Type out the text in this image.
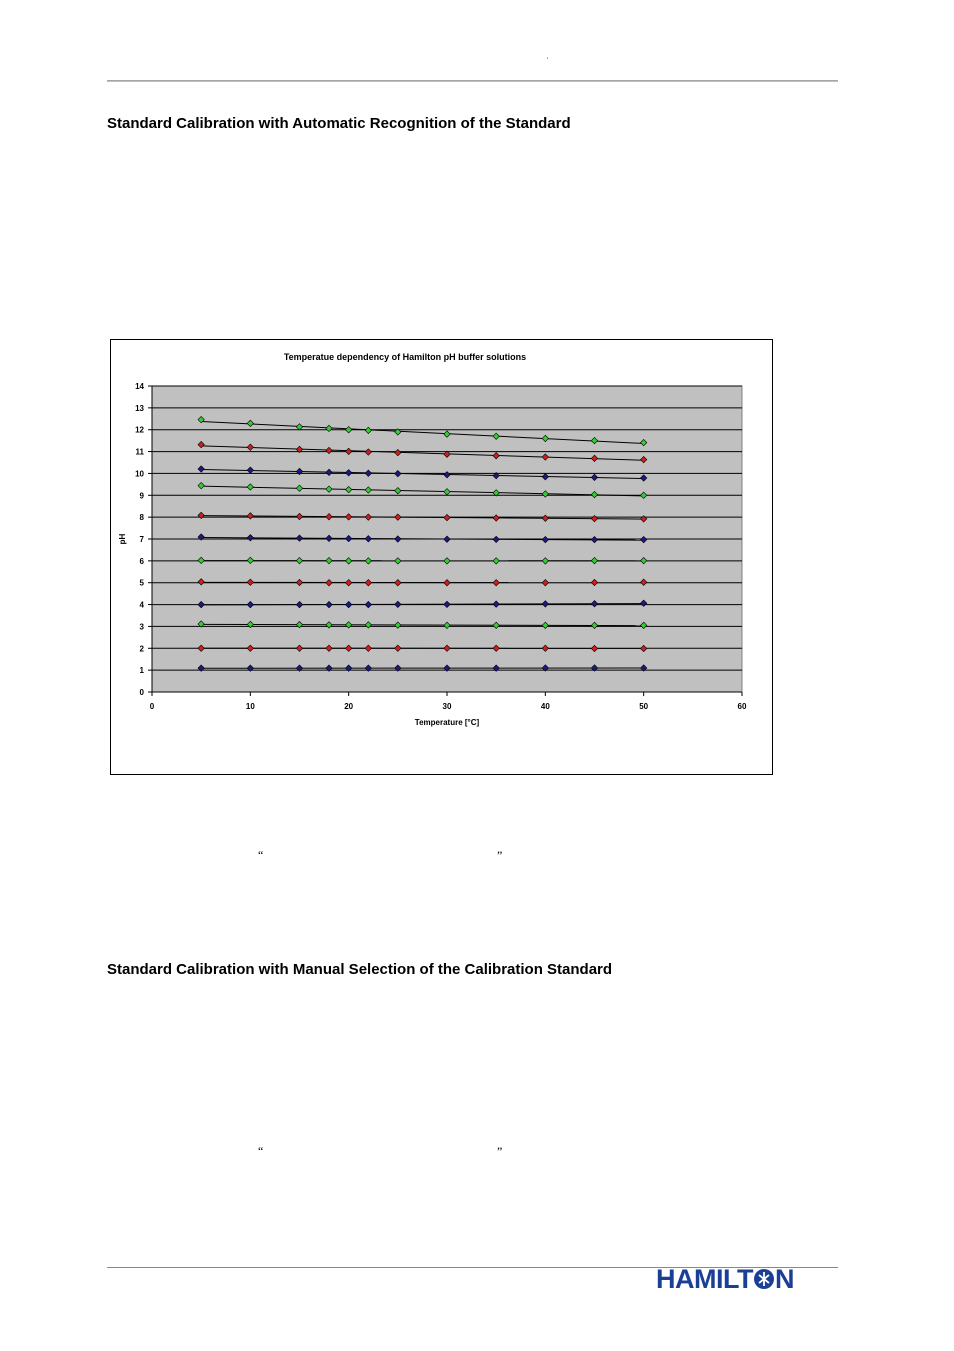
'
Standard Calibration with Automatic Recognition of the Standard
Temperatue dependency of Hamilton pH buffer solutions
0
1
2
3
4
5
6
7
8
9
10
11
12
13
14
0	10	20	30	40	50	60
Temperature [°C]
pH
“	”
Standard Calibration with Manual Selection of the Calibration Standard
“	”
HAMILT N
